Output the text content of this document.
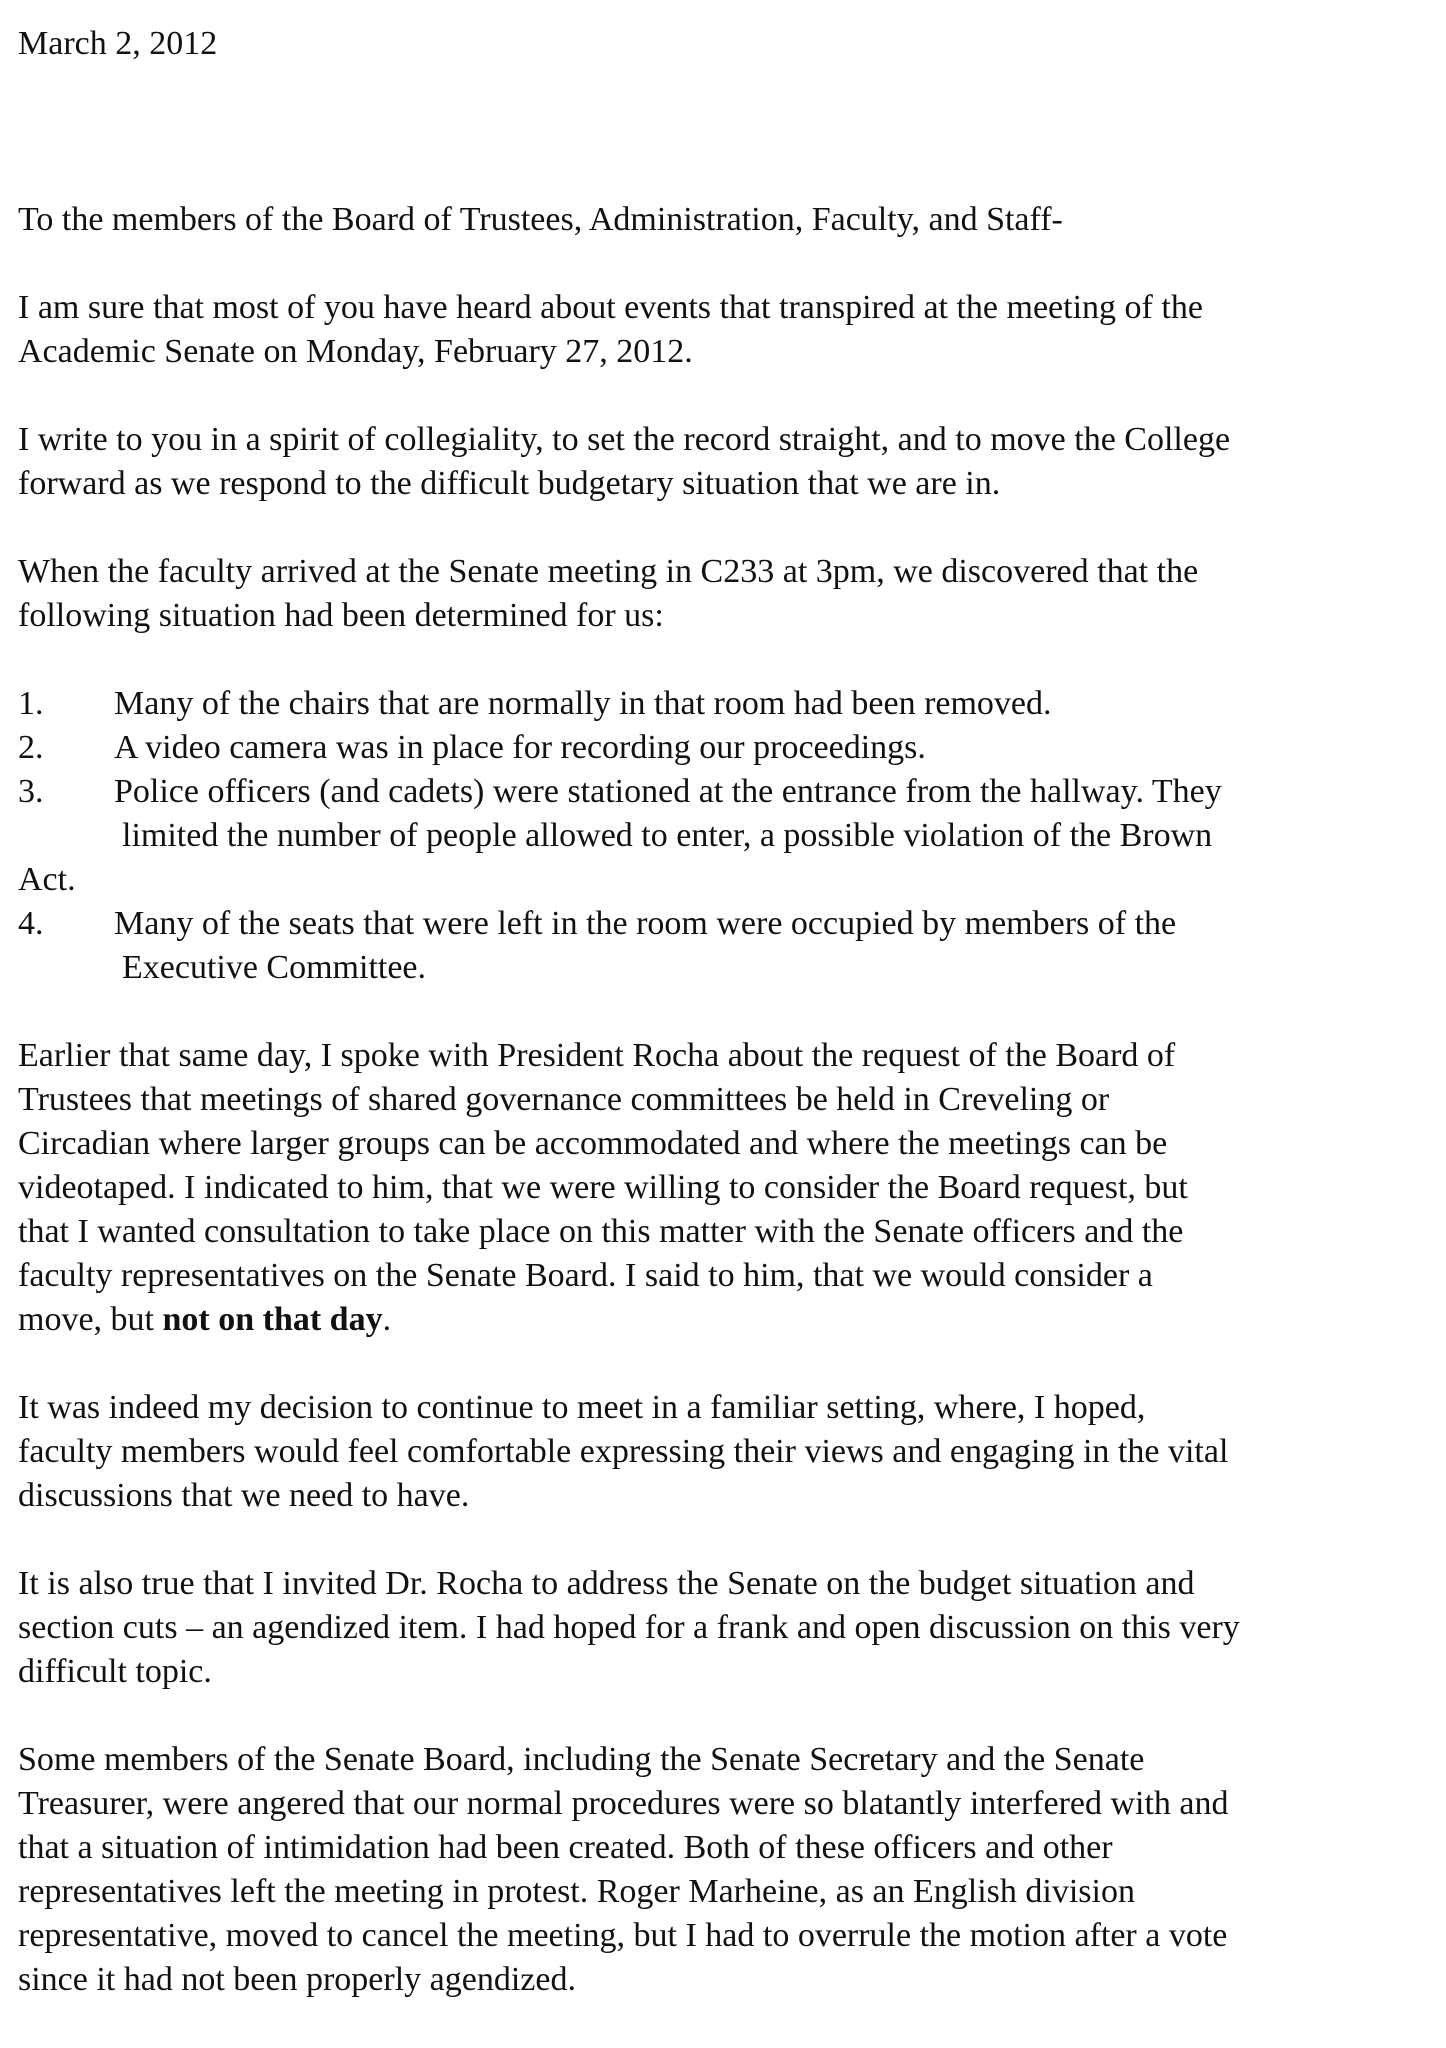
March 2, 2012

To the members of the Board of Trustees, Administration, Faculty, and Staff-

I am sure that most of you have heard about events that transpired at the meeting of the
Academic Senate on Monday, February 27, 2012.
I write to you in a spirit of collegiality, to set the record straight, and to move the College
forward as we respond to the difficult budgetary situation that we are in.
When the faculty arrived at the Senate meeting in C233 at 3pm, we discovered that the
following situation had been determined for us:
1.	Many of the chairs that are normally in that room had been removed.
2.	A video camera was in place for recording our proceedings.
3.	Police officers (and cadets) were stationed at the entrance from the hallway. They
limited the number of people allowed to enter, a possible violation of the Brown
Act.
4.	Many of the seats that were left in the room were occupied by members of the
Executive Committee.
Earlier that same day, I spoke with President Rocha about the request of the Board of
Trustees that meetings of shared governance committees be held in Creveling or
Circadian where larger groups can be accommodated and where the meetings can be
videotaped. I indicated to him, that we were willing to consider the Board request, but
that I wanted consultation to take place on this matter with the Senate officers and the
faculty representatives on the Senate Board. I said to him, that we would consider a
move, but not on that day.
It was indeed my decision to continue to meet in a familiar setting, where, I hoped,
faculty members would feel comfortable expressing their views and engaging in the vital
discussions that we need to have.
It is also true that I invited Dr. Rocha to address the Senate on the budget situation and
section cuts – an agendized item. I had hoped for a frank and open discussion on this very
difficult topic.
Some members of the Senate Board, including the Senate Secretary and the Senate
Treasurer, were angered that our normal procedures were so blatantly interfered with and
that a situation of intimidation had been created. Both of these officers and other
representatives left the meeting in protest. Roger Marheine, as an English division
representative, moved to cancel the meeting, but I had to overrule the motion after a vote
since it had not been properly agendized.
